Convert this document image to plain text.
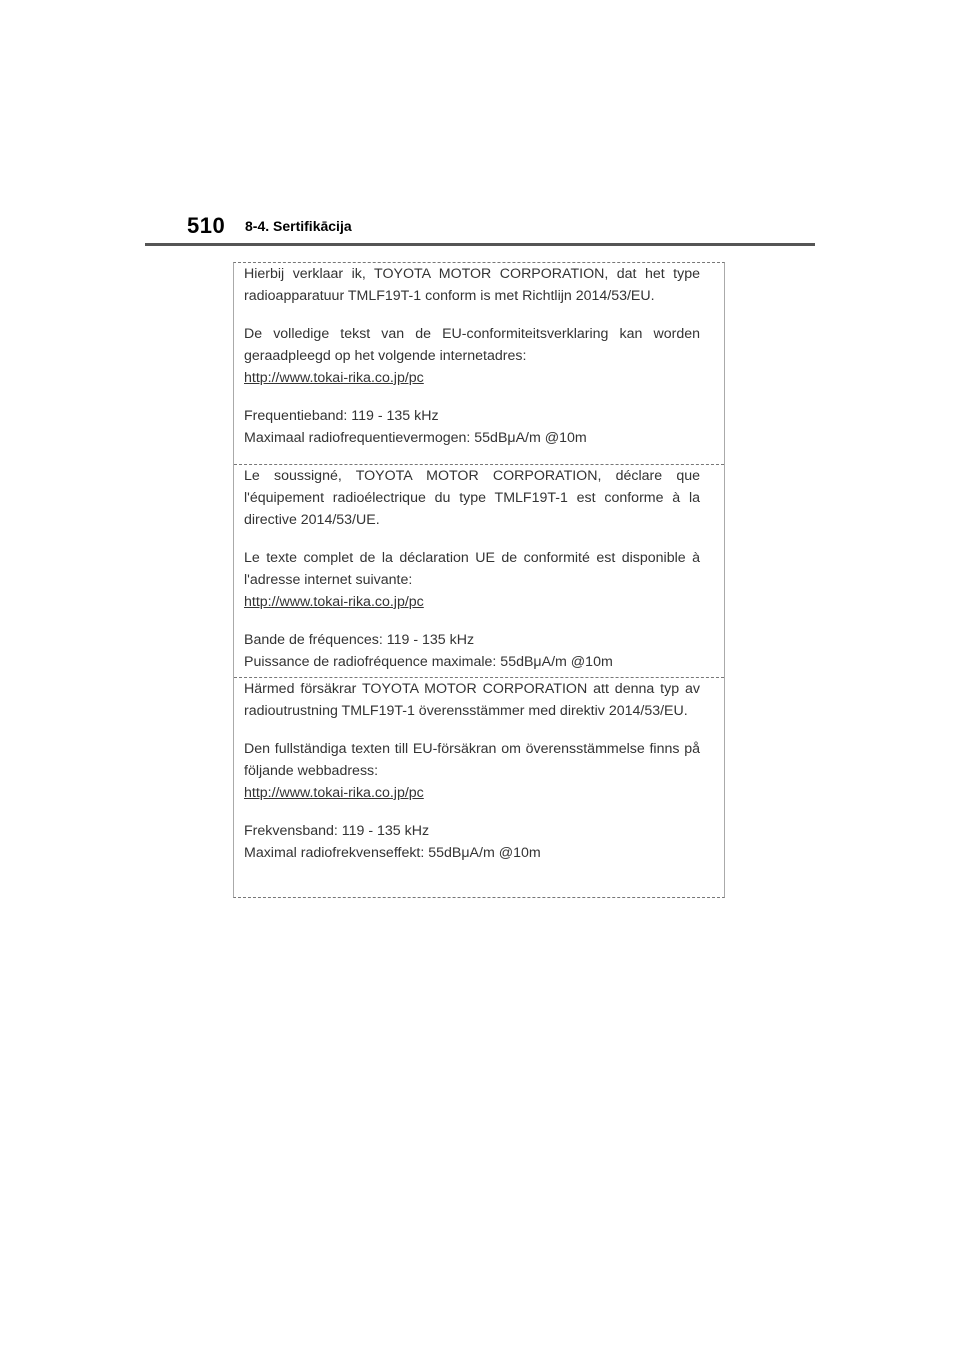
510 8-4. Sertifikācija

Hierbij verklaar ik, TOYOTA MOTOR CORPORATION, dat het type radioapparatuur TMLF19T-1 conform is met Richtlijn 2014/53/EU.

De volledige tekst van de EU-conformiteitsverklaring kan worden geraadpleegd op het volgende internetadres:

http://www.tokai-rika.co.jp/pc

Frequentieband: 119 - 135 kHz

Maximaal radiofrequentievermogen: 55dBμA/m @10m

Le soussigné, TOYOTA MOTOR CORPORATION, déclare que l'équipement radioélectrique du type TMLF19T-1 est conforme à la directive 2014/53/UE.

Le texte complet de la déclaration UE de conformité est disponible à l'adresse internet suivante:

http://www.tokai-rika.co.jp/pc

Bande de fréquences: 119 - 135 kHz

Puissance de radiofréquence maximale: 55dBμA/m @10m

Härmed försäkrar TOYOTA MOTOR CORPORATION att denna typ av radioutrustning TMLF19T-1 överensstämmer med direktiv 2014/53/EU.

Den fullständiga texten till EU-försäkran om överensstämmelse finns på följande webbadress:

http://www.tokai-rika.co.jp/pc

Frekvensband: 119 - 135 kHz

Maximal radiofrekvenseffekt: 55dBμA/m @10m
